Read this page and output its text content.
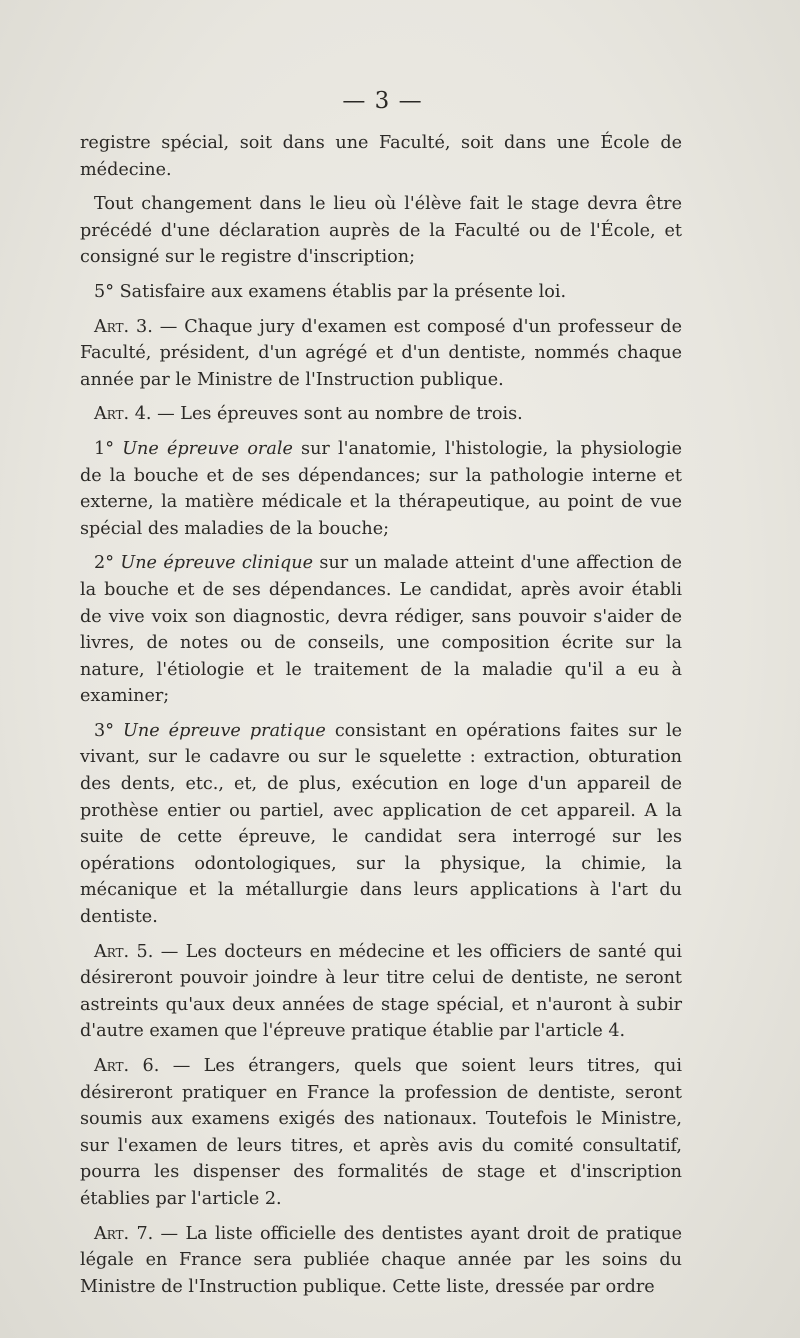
— 3 —

registre spécial, soit dans une Faculté, soit dans une École de médecine.

Tout changement dans le lieu où l'élève fait le stage devra être précédé d'une déclaration auprès de la Faculté ou de l'École, et consigné sur le registre d'inscription;

5° Satisfaire aux examens établis par la présente loi.

Art. 3. — Chaque jury d'examen est composé d'un professeur de Faculté, président, d'un agrégé et d'un dentiste, nommés chaque année par le Ministre de l'Instruction publique.

Art. 4. — Les épreuves sont au nombre de trois.

1° Une épreuve orale sur l'anatomie, l'histologie, la physiologie de la bouche et de ses dépendances; sur la pathologie interne et externe, la matière médicale et la thérapeutique, au point de vue spécial des maladies de la bouche;

2° Une épreuve clinique sur un malade atteint d'une affection de la bouche et de ses dépendances. Le candidat, après avoir établi de vive voix son diagnostic, devra rédiger, sans pouvoir s'aider de livres, de notes ou de conseils, une composition écrite sur la nature, l'étiologie et le traitement de la maladie qu'il a eu à examiner;

3° Une épreuve pratique consistant en opérations faites sur le vivant, sur le cadavre ou sur le squelette : extraction, obturation des dents, etc., et, de plus, exécution en loge d'un appareil de prothèse entier ou partiel, avec application de cet appareil. A la suite de cette épreuve, le candidat sera interrogé sur les opérations odontologiques, sur la physique, la chimie, la mécanique et la métallurgie dans leurs applications à l'art du dentiste.

Art. 5. — Les docteurs en médecine et les officiers de santé qui désireront pouvoir joindre à leur titre celui de dentiste, ne seront astreints qu'aux deux années de stage spécial, et n'auront à subir d'autre examen que l'épreuve pratique établie par l'article 4.

Art. 6. — Les étrangers, quels que soient leurs titres, qui désireront pratiquer en France la profession de dentiste, seront soumis aux examens exigés des nationaux. Toutefois le Ministre, sur l'examen de leurs titres, et après avis du comité consultatif, pourra les dispenser des formalités de stage et d'inscription établies par l'article 2.

Art. 7. — La liste officielle des dentistes ayant droit de pratique légale en France sera publiée chaque année par les soins du Ministre de l'Instruction publique. Cette liste, dressée par ordre
